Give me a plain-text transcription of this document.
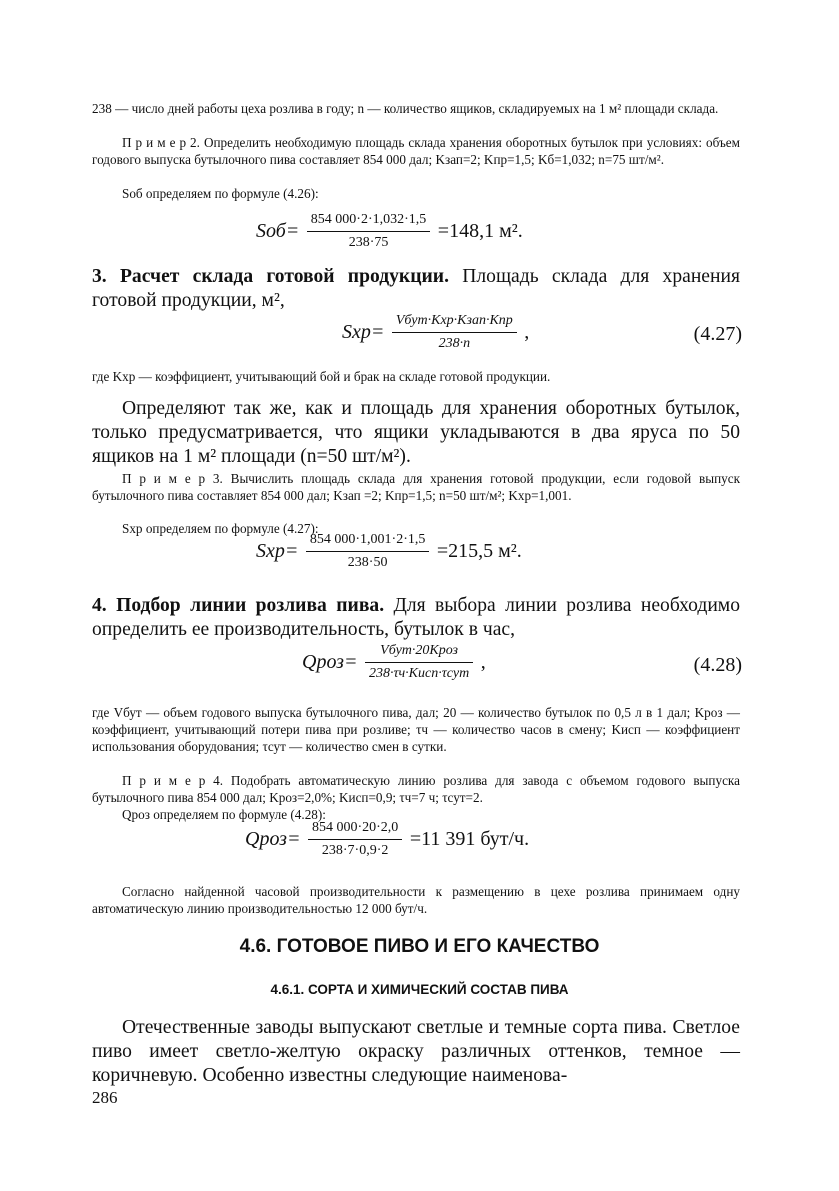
238 — число дней работы цеха розлива в году; n — количество ящиков, складируемых на 1 м² площади склада.
П р и м е р 2. Определить необходимую площадь склада хранения оборотных бутылок при условиях: объем годового выпуска бутылочного пива составляет 854 000 дал; Kзап=2; Kпр=1,5; Kб=1,032; n=75 шт/м².
Sоб определяем по формуле (4.26):
$Sоб= \frac{854 000\cdot 2\cdot 1,032\cdot 1,5}{238\cdot 75} =148,1$ м².
3. Расчет склада готовой продукции. Площадь склада для хранения готовой продукции, м²,
$Sхр= \frac{\text{Vбут·Kхр·Kзап·Kпр}}{238\cdot n}$ ,	(4.27)
где Kхр — коэффициент, учитывающий бой и брак на складе готовой продукции.
Определяют так же, как и площадь для хранения оборотных бутылок, только предусматривается, что ящики укладываются в два яруса по 50 ящиков на 1 м² площади (n=50 шт/м²).
П р и м е р 3. Вычислить площадь склада для хранения готовой продукции, если годовой выпуск бутылочного пива составляет 854 000 дал; Kзап =2; Kпр=1,5; n=50 шт/м²; Kхр=1,001.
Sхр определяем по формуле (4.27):
$Sхр= \frac{854 000\cdot 1,001\cdot 2\cdot 1,5}{238\cdot 50} =215,5$ м².
4. Подбор линии розлива пива. Для выбора линии розлива необходимо определить ее производительность, бутылок в час,
Qроз= $\frac{\text{Vбут·20Kроз}}{\text{238·τч·Kисп·τсут}}$ ,	(4.28)
где Vбут — объем годового выпуска бутылочного пива, дал; 20 — количество бутылок по 0,5 л в 1 дал; Kроз — коэффициент, учитывающий потери пива при розливе; τч — количество часов в смену; Kисп — коэффициент использования оборудования; τсут — количество смен в сутки.
П р и м е р 4. Подобрать автоматическую линию розлива для завода с объемом годового выпуска бутылочного пива 854 000 дал; Kроз=2,0%; Kисп=0,9; τч=7 ч; τсут=2.
Qроз определяем по формуле (4.28):
Qроз= $\frac{854 000\cdot 20\cdot 2,0}{238\cdot 7\cdot 0,9\cdot 2} =11$ 391 бут/ч.
Согласно найденной часовой производительности к размещению в цехе розлива принимаем одну автоматическую линию производительностью 12 000 бут/ч.
4.6. ГОТОВОЕ ПИВО И ЕГО КАЧЕСТВО
4.6.1. СОРТА И ХИМИЧЕСКИЙ СОСТАВ ПИВА
Отечественные заводы выпускают светлые и темные сорта пива. Светлое пиво имеет светло-желтую окраску различных оттенков, темное — коричневую. Особенно известны следующие наименова-
286
